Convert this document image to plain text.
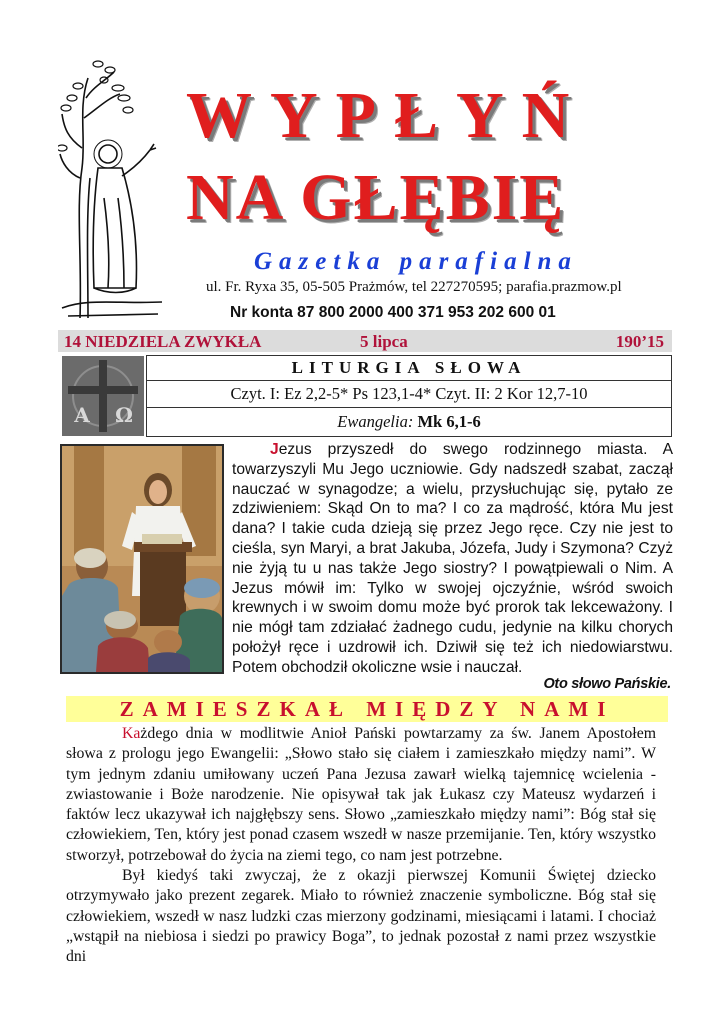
WYPŁYŃ
NA GŁĘBIĘ
Gazetka parafialna
ul. Fr. Ryxa 35, 05-505 Prażmów, tel 227270595; parafia.prazmow.pl
Nr konta 87 800 2000 400 371 953 202 600 01
14 NIEDZIELA ZWYKŁA	5 lipca	190’15
A Ω
LITURGIA SŁOWA
Czyt. I: Ez 2,2-5* Ps 123,1-4* Czyt. II: 2 Kor 12,7-10
Ewangelia: Mk 6,1-6
Jezus przyszedł do swego rodzinnego miasta. A towarzyszyli Mu Jego uczniowie. Gdy nadszedł szabat, zaczął nauczać w synagodze; a wielu, przysłuchując się, pytało ze zdziwieniem: Skąd On to ma? I co za mądrość, która Mu jest dana? I takie cuda dzieją się przez Jego ręce. Czy nie jest to cieśla, syn Maryi, a brat Jakuba, Józefa, Judy i Szymona? Czyż nie żyją tu u nas także Jego siostry? I powątpiewali o Nim. A Jezus mówił im: Tylko w swojej ojczyźnie, wśród swoich krewnych i w swoim domu może być prorok tak lekceważony. I nie mógł tam zdziałać żadnego cudu, jedynie na kilku chorych położył ręce i uzdrowił ich. Dziwił się też ich niedowiarstwu. Potem obchodził okoliczne wsie i nauczał.
Oto słowo Pańskie.
ZAMIESZKAŁ MIĘDZY NAMI

Każdego dnia w modlitwie Anioł Pański powtarzamy za św. Janem Apostołem słowa z prologu jego Ewangelii: „Słowo stało się ciałem i zamieszkało między nami”. W tym jednym zdaniu umiłowany uczeń Pana Jezusa zawarł wielką tajemnicę wcielenia - zwiastowanie i Boże narodzenie. Nie opisywał tak jak Łukasz czy Mateusz wydarzeń i faktów lecz ukazywał ich najgłębszy sens. Słowo „zamieszkało między nami”: Bóg stał się człowiekiem, Ten, który jest ponad czasem wszedł w nasze przemijanie. Ten, który wszystko stworzył, potrzebował do życia na ziemi tego, co nam jest potrzebne.

Był kiedyś taki zwyczaj, że z okazji pierwszej Komunii Świętej dziecko otrzymywało jako prezent zegarek. Miało to również znaczenie symboliczne. Bóg stał się człowiekiem, wszedł w nasz ludzki czas mierzony godzinami, miesiącami i latami. I chociaż „wstąpił na niebiosa i siedzi po prawicy Boga”, to jednak pozostał z nami przez wszystkie dni
